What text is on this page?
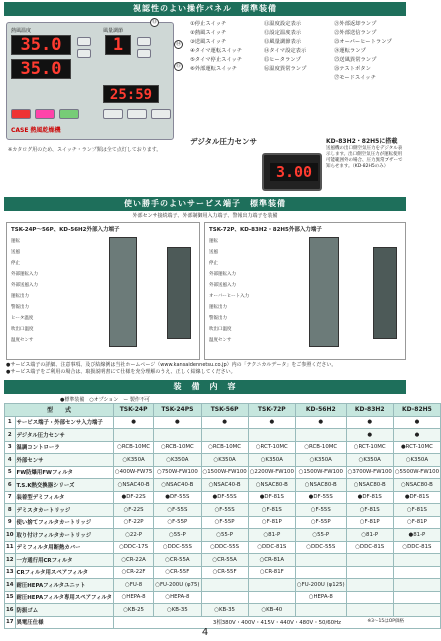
視認性のよい操作パネル　標準装備
熱風温度	風量調節
35.0
35.0
1
25:59
CASE 熱風乾燥機
⑬
⑭
⑮
※カタログ用のため、スイッチ・ランプ類は全て点灯しております。
①停止スイッチ
②熱風スイッチ
③送風スイッチ
④タイマ運転スイッチ
⑤タイマ停止スイッチ
⑥外部運転スイッチ
⑪温度設定表示
⑫設定温度表示
⑬風量調節表示
⑭タイマ設定表示
⑮ヒータランプ
⑯温度異常ランプ
㉑外部返却ランプ
㉒外部送信ランプ
㉓オーバーヒートランプ
㉔運転ランプ
㉕送風異常ランプ
㉖テストボタン
㉗モードスイッチ
デジタル圧力センサ
3.00
KD-83H2・82H5に搭載
送風機の出口側空気圧力をデジタル表示します。出口側空気圧力が運転使用可能範囲外の場合、圧力異常ブザーで知らせます。（KD-82H5のみ）
使い勝手のよいサービス端子　標準装備
外部センサ接続端子、外部制御用入力端子、警報出力端子を装備
TSK-24P〜56P、KD-56H2外部入力端子
運転
送風
停止
外部運転入力
外部送風入力
運転出力
警報出力
ヒータ温度
吹出口温度
温度センサ
TSK-72P、KD-83H2・82H5外部入力端子
運転
送風
停止
外部運転入力
外部送風入力
オーバーヒート入力
運転出力
警報出力
吹出口温度
温度センサ
●サービス端子の詳細、注意事項、及び結線例は当社ホームページ（www.kansaidennetsu.co.jp）内の「テクニカルデータ」をご参照ください。
●サービス端子をご利用の場合は、取扱説明書にて仕様を充分理解のうえ、正しく結線してください。
装　備　内　容
●標準装備　○オプション　ー 製作不可
型　　式		TSK-24P	TSK-24PS	TSK-56P	TSK-72P	KD-56H2	KD-83H2	KD-82H5
1	サービス端子・外部センサ入力端子	●	●	●	●	●	●	●
2	デジタル圧力センサ						●	●
3	温調コントローラ	○RCB-10MC	○RCB-10MC	○RCB-10MC	○RCT-10MC	○RCB-10MC	○RCT-10MC	●RCT-10MC
4	外部センサ	○K350A	○K350A	○K350A	○K350A	○K350A	○K350A	○K350A
5	FW防爆用FWフィルタ	○400W-FW75	○750W-FW100	○1500W-FW100	○2200W-FW100	○1500W-FW100	○3700W-FW100	○5500W-FW100
6	T.S.K熱交換器シリーズ	○NSAC40-B	○NSAC40-B	○NSAC40-B	○NSAC80-B	○NSAC80-B	○NSAC80-B	○NSAC80-B
7	装着型デミフィルタ	●DF-22S	●DF-55S	●DF-55S	●DF-81S	●DF-55S	●DF-81S	●DF-81S
8	デミスタカートリッジ	○F-22S	○F-55S	○F-55S	○F-81S	○F-55S	○F-81S	○F-81S
9	使い捨てフィルタカートリッジ	○F-22P	○F-55P	○F-55P	○F-81P	○F-55P	○F-81P	○F-81P
10	取り付けフィルタカートリッジ	○22-P	○55-P	○55-P	○81-P	○55-P	○81-P	●81-P
11	デミフィルタ用断熱カバー	○DDC-17S	○DDC-55S	○DDC-55S	○DDC-81S	○DDC-55S	○DDC-81S	○DDC-81S
12	一方通行用CRフィルタ	○CR-22A	○CR-55A	○CR-55A	○CR-81A			
13	CRフィルタ用スペアフィルタ	○CR-22F	○CR-55F	○CR-55F	○CR-81F			
14	耐圧HEPAフィルタユニット	○FU-8	○FU-200U (φ75)			○FU-200U (φ125)		
15	耐圧HEPAフィルタ専用スペアフィルタ	○HEPA-8	○HEPA-8			○HEPA-8		
16	防振ゴム	○KB-25	○KB-35	○KB-35	○KB-40			
17	異電圧仕様	3相380V・400V・415V・440V・480V・50/60Hz							※3〜15はOP価格
4
